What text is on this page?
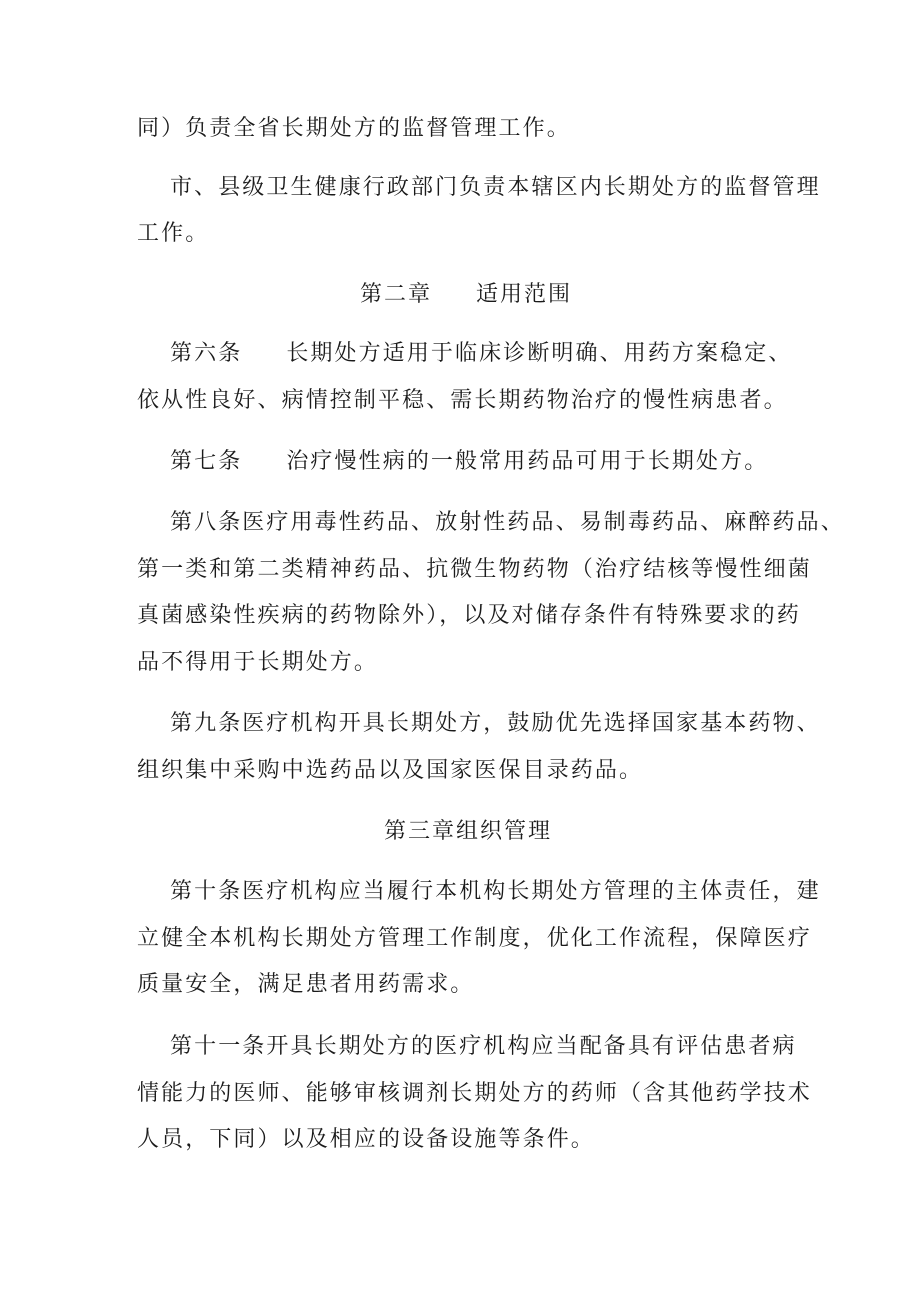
同）负责全省长期处方的监督管理工作。
市、县级卫生健康行政部门负责本辖区内长期处方的监督管理
工作。
第二章 适用范围
第六条 长期处方适用于临床诊断明确、用药方案稳定、
依从性良好、病情控制平稳、需长期药物治疗的慢性病患者。
第七条 治疗慢性病的一般常用药品可用于长期处方。
第八条医疗用毒性药品、放射性药品、易制毒药品、麻醉药品、
第一类和第二类精神药品、抗微生物药物（治疗结核等慢性细菌
真菌感染性疾病的药物除外），以及对储存条件有特殊要求的药
品不得用于长期处方。
第九条医疗机构开具长期处方，鼓励优先选择国家基本药物、
组织集中采购中选药品以及国家医保目录药品。
第三章组织管理
第十条医疗机构应当履行本机构长期处方管理的主体责任，建
立健全本机构长期处方管理工作制度，优化工作流程，保障医疗
质量安全，满足患者用药需求。
第十一条开具长期处方的医疗机构应当配备具有评估患者病
情能力的医师、能够审核调剂长期处方的药师（含其他药学技术
人员，下同）以及相应的设备设施等条件。
